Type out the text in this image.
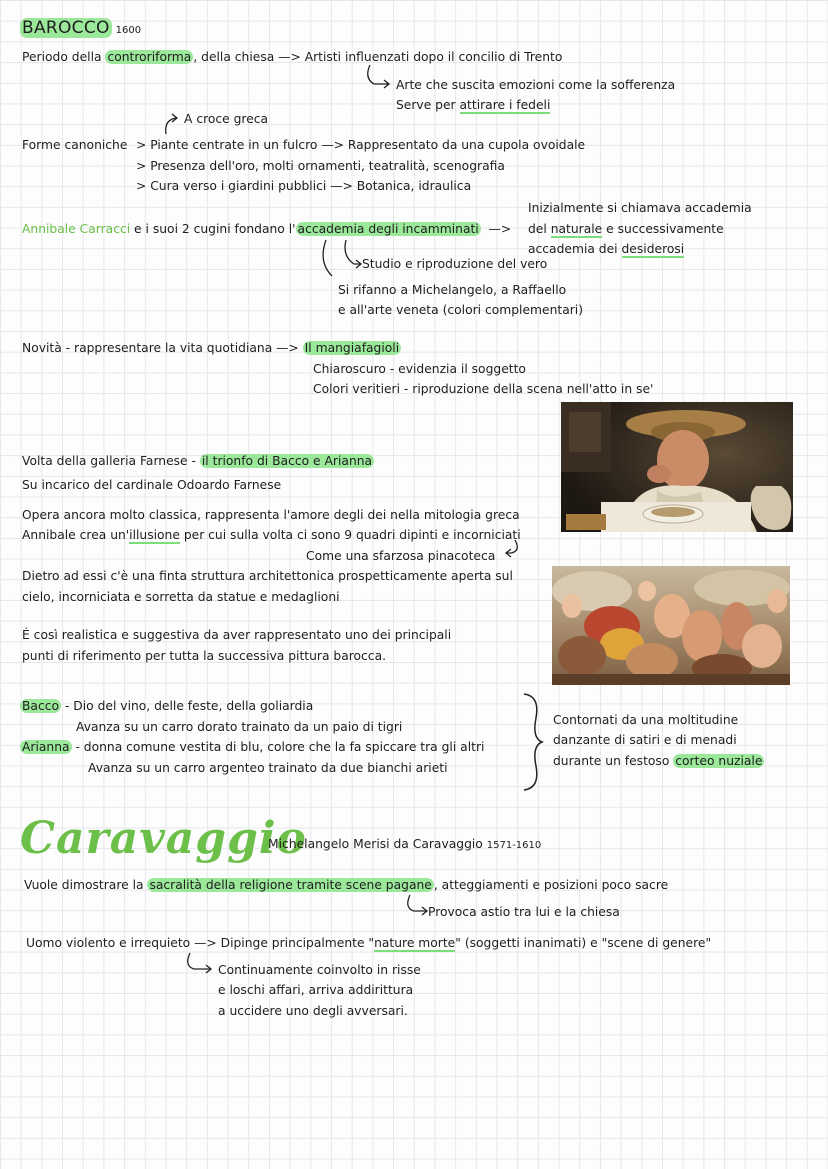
BAROCCO 1600
Periodo della controriforma , della chiesa —> Artisti influenzati dopo il concilio di Trento
Arte che suscita emozioni come la sofferenza
Serve per attirare i fedeli
A croce greca
Forme canoniche > Piante centrate in un fulcro —> Rappresentato da una cupola ovoidale
> Presenza dell'oro, molti ornamenti, teatralità, scenografia
> Cura verso i giardini pubblici —> Botanica, idraulica
Annibale Carracci e i suoi 2 cugini fondano l' accademia degli incamminati —>
Inizialmente si chiamava accademia
del naturale e successivamente
accademia dei desiderosi
Studio e riproduzione del vero
Si rifanno a Michelangelo, a Raffaello
e all'arte veneta (colori complementari)
Novità - rappresentare la vita quotidiana —> Il mangiafagioli
Chiaroscuro - evidenzia il soggetto
Colori veritieri - riproduzione della scena nell'atto in se'
Volta della galleria Farnese - il trionfo di Bacco e Arianna
Su incarico del cardinale Odoardo Farnese
Opera ancora molto classica, rappresenta l'amore degli dei nella mitologia greca
Annibale crea un'illusione per cui sulla volta ci sono 9 quadri dipinti e incorniciati
Come una sfarzosa pinacoteca
Dietro ad essi c'è una finta struttura architettonica prospetticamente aperta sul
cielo, incorniciata e sorretta da statue e medaglioni
É così realistica e suggestiva da aver rappresentato uno dei principali
punti di riferimento per tutta la successiva pittura barocca.
Bacco - Dio del vino, delle feste, della goliardia
Avanza su un carro dorato trainato da un paio di tigri
Arianna - donna comune vestita di blu, colore che la fa spiccare tra gli altri
Avanza su un carro argenteo trainato da due bianchi arieti
Contornati da una moltitudine
danzante di satiri e di menadi
durante un festoso corteo nuziale
Caravaggio
Michelangelo Merisi da Caravaggio 1571-1610
Vuole dimostrare la sacralità della religione tramite scene pagane , atteggiamenti e posizioni poco sacre
Provoca astio tra lui e la chiesa
Uomo violento e irrequieto —> Dipinge principalmente "nature morte" (soggetti inanimati) e "scene di genere"
Continuamente coinvolto in risse
e loschi affari, arriva addirittura
a uccidere uno degli avversari.
